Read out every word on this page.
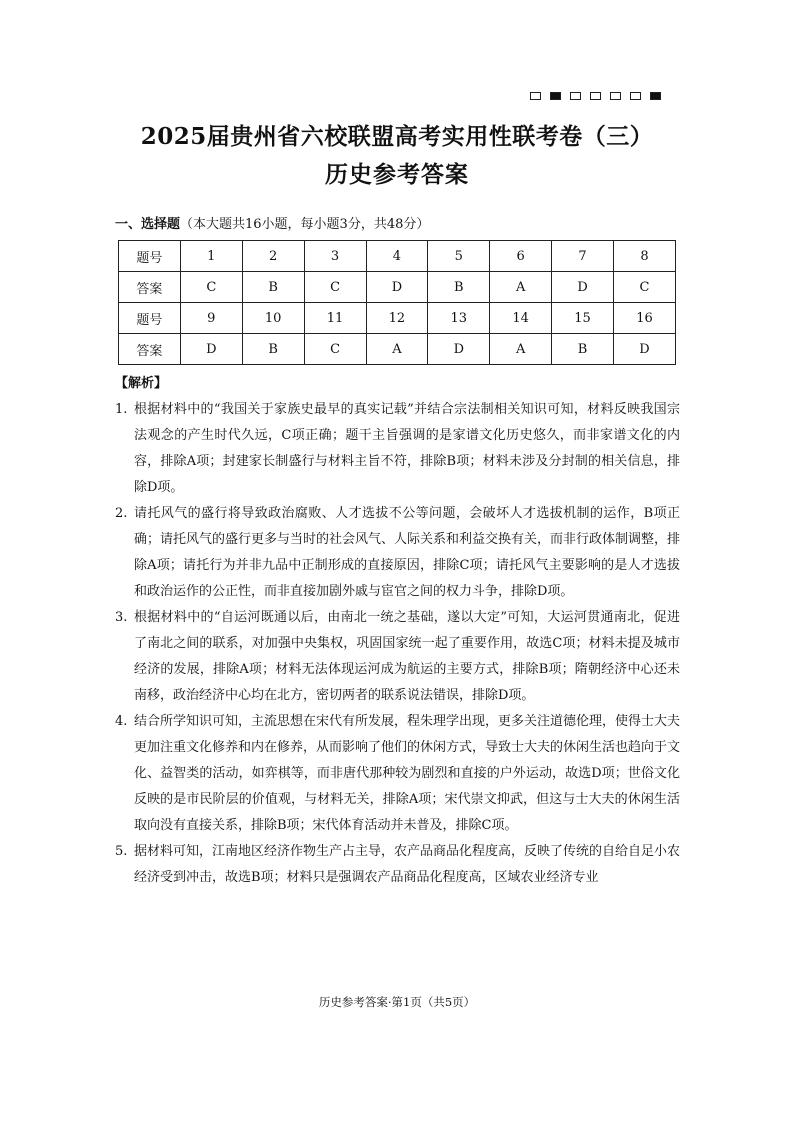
2025届贵州省六校联盟高考实用性联考卷（三）
历史参考答案
一、选择题（本大题共16小题，每小题3分，共48分）
题号	1	2	3	4	5	6	7	8
答案	C	B	C	D	B	A	D	C
题号	9	10	11	12	13	14	15	16
答案	D	B	C	A	D	A	B	D
【解析】
1. 根据材料中的“我国关于家族史最早的真实记载”并结合宗法制相关知识可知，材料反映我国宗法观念的产生时代久远，C项正确；题干主旨强调的是家谱文化历史悠久，而非家谱文化的内容，排除A项；封建家长制盛行与材料主旨不符，排除B项；材料未涉及分封制的相关信息，排除D项。
2. 请托风气的盛行将导致政治腐败、人才选拔不公等问题，会破坏人才选拔机制的运作，B项正确；请托风气的盛行更多与当时的社会风气、人际关系和利益交换有关，而非行政体制调整，排除A项；请托行为并非九品中正制形成的直接原因，排除C项；请托风气主要影响的是人才选拔和政治运作的公正性，而非直接加剧外戚与宦官之间的权力斗争，排除D项。
3. 根据材料中的“自运河既通以后，由南北一统之基础，遂以大定”可知，大运河贯通南北，促进了南北之间的联系，对加强中央集权，巩固国家统一起了重要作用，故选C项；材料未提及城市经济的发展，排除A项；材料无法体现运河成为航运的主要方式，排除B项；隋朝经济中心还未南移，政治经济中心均在北方，密切两者的联系说法错误，排除D项。
4. 结合所学知识可知，主流思想在宋代有所发展，程朱理学出现，更多关注道德伦理，使得士大夫更加注重文化修养和内在修养，从而影响了他们的休闲方式，导致士大夫的休闲生活也趋向于文化、益智类的活动，如弈棋等，而非唐代那种较为剧烈和直接的户外运动，故选D项；世俗文化反映的是市民阶层的价值观，与材料无关，排除A项；宋代崇文抑武，但这与士大夫的休闲生活取向没有直接关系，排除B项；宋代体育活动并未普及，排除C项。
5. 据材料可知，江南地区经济作物生产占主导，农产品商品化程度高，反映了传统的自给自足小农经济受到冲击，故选B项；材料只是强调农产品商品化程度高，区域农业经济专业
历史参考答案·第1页（共5页）
